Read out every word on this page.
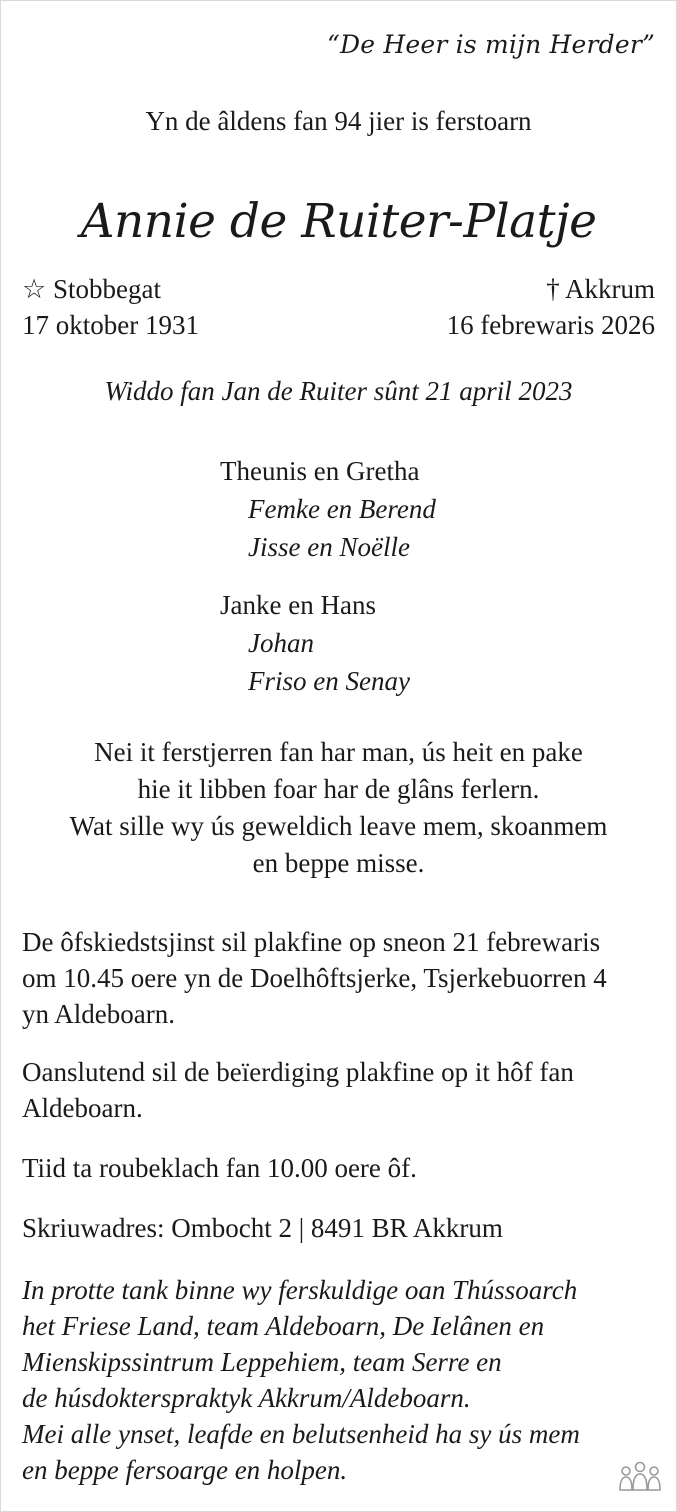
“De Heer is mijn Herder”
Yn de âldens fan 94 jier is ferstoarn
Annie de Ruiter-Platje
☆ Stobbegat
17 oktober 1931
† Akkrum
16 febrewaris 2026
Widdo fan Jan de Ruiter sûnt 21 april 2023
Theunis en Gretha
Femke en Berend
Jisse en Noëlle
Janke en Hans
Johan
Friso en Senay
Nei it ferstjerren fan har man, ús heit en pake
hie it libben foar har de glâns ferlern.
Wat sille wy ús geweldich leave mem, skoanmem
en beppe misse.
De ôfskiedstsjinst sil plakfine op sneon 21 febrewaris
om 10.45 oere yn de Doelhôftsjerke, Tsjerkebuorren 4
yn Aldeboarn.
Oanslutend sil de beïerdiging plakfine op it hôf fan
Aldeboarn.
Tiid ta roubeklach fan 10.00 oere ôf.
Skriuwadres: Ombocht 2 | 8491 BR Akkrum
In protte tank binne wy ferskuldige oan Thússoarch
het Friese Land, team Aldeboarn, De Ielânen en
Mienskipssintrum Leppehiem, team Serre en
de húsdokterspraktyk Akkrum/Aldeboarn.
Mei alle ynset, leafde en belutsenheid ha sy ús mem
en beppe fersoarge en holpen.
